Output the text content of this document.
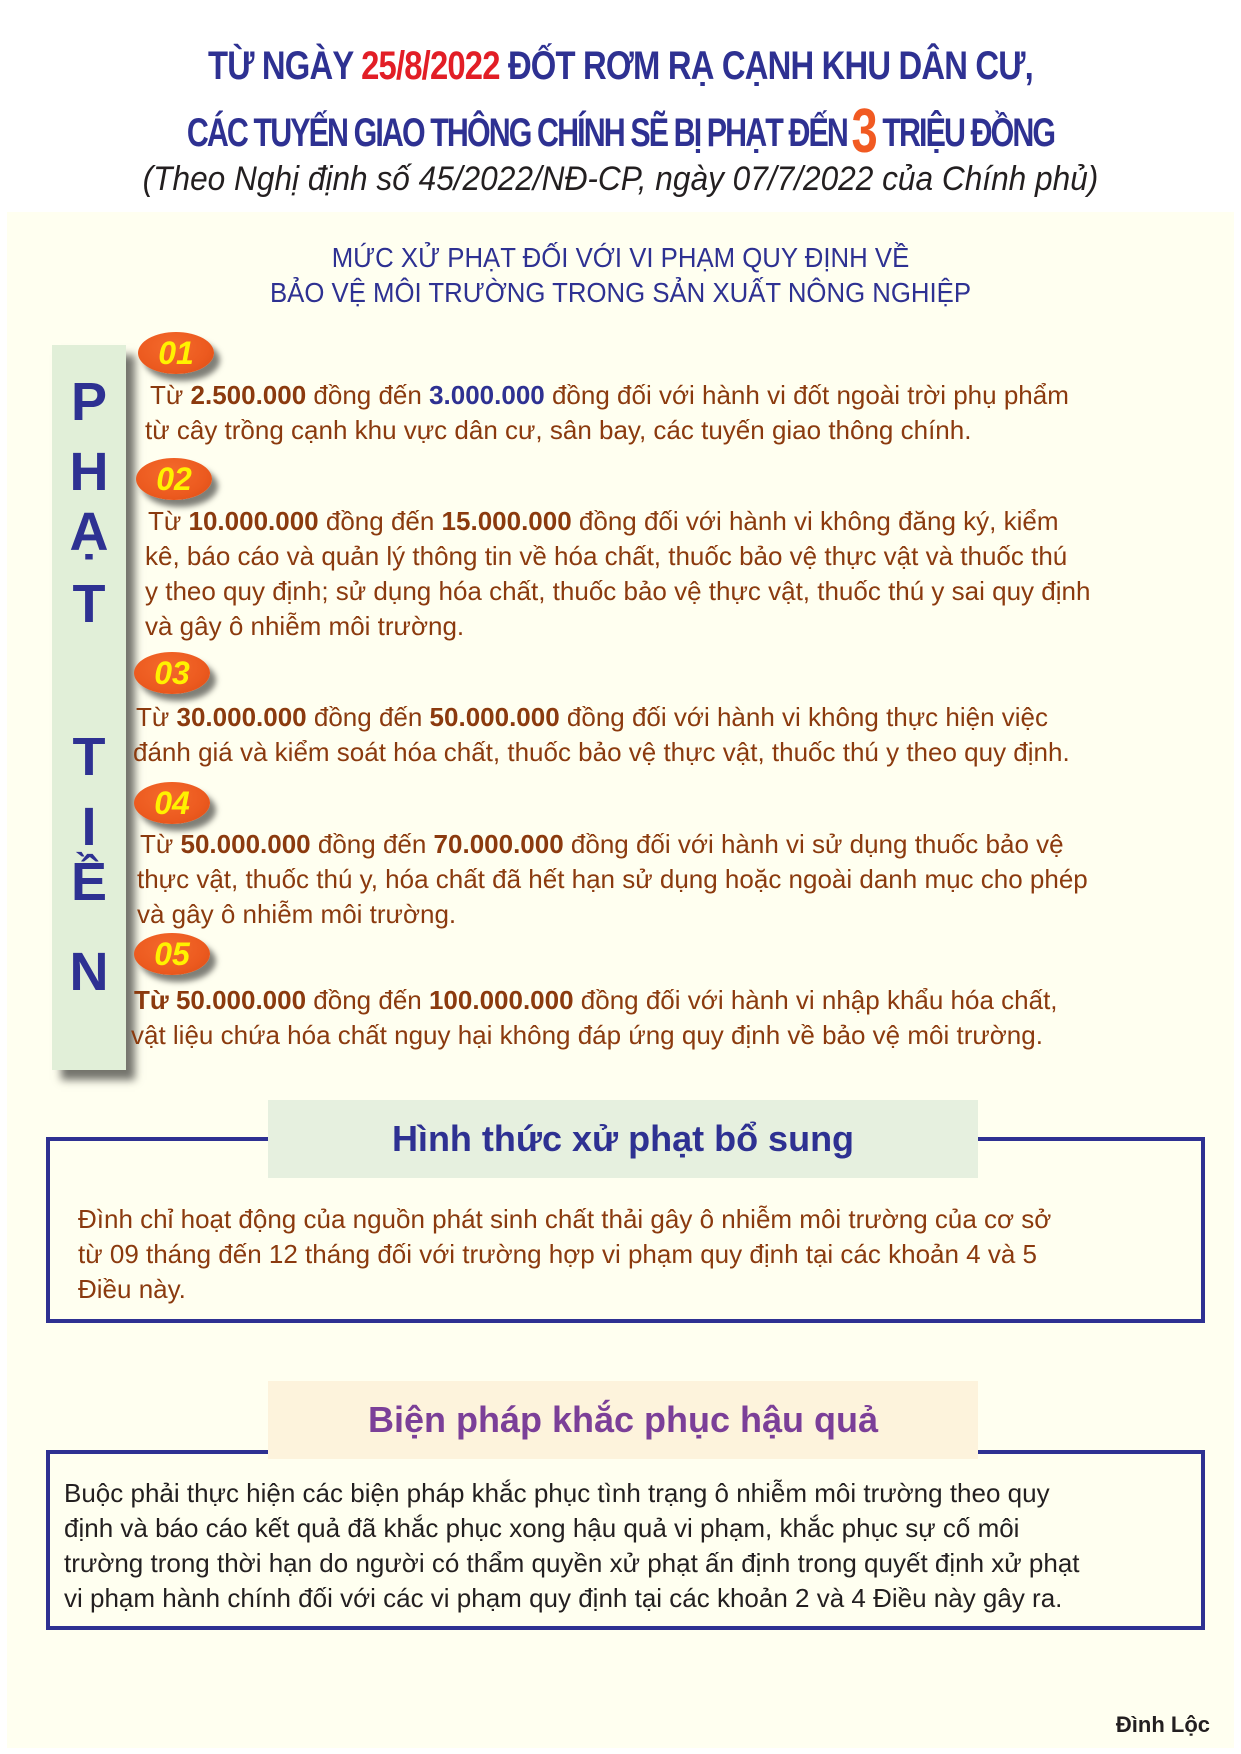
TỪ NGÀY 25/8/2022 ĐỐT RƠM RẠ CẠNH KHU DÂN CƯ,
CÁC TUYẾN GIAO THÔNG CHÍNH SẼ BỊ PHẠT ĐẾN3 TRIỆU ĐỒNG
(Theo Nghị định số 45/2022/NĐ-CP, ngày 07/7/2022 của Chính phủ)
MỨC XỬ PHẠT ĐỐI VỚI VI PHẠM QUY ĐỊNH VỀ
BẢO VỆ MÔI TRƯỜNG TRONG SẢN XUẤT NÔNG NGHIỆP
P
H
Ạ
T
T
I
Ề
N
01
Từ 2.500.000 đồng đến 3.000.000 đồng đối với hành vi đốt ngoài trời phụ phẩm
từ cây trồng cạnh khu vực dân cư, sân bay, các tuyến giao thông chính.
02
Từ 10.000.000 đồng đến 15.000.000 đồng đối với hành vi không đăng ký, kiểm
kê, báo cáo và quản lý thông tin về hóa chất, thuốc bảo vệ thực vật và thuốc thú
y theo quy định; sử dụng hóa chất, thuốc bảo vệ thực vật, thuốc thú y sai quy định
và gây ô nhiễm môi trường.
03
Từ 30.000.000 đồng đến 50.000.000 đồng đối với hành vi không thực hiện việc
đánh giá và kiểm soát hóa chất, thuốc bảo vệ thực vật, thuốc thú y theo quy định.
04
Từ 50.000.000 đồng đến 70.000.000 đồng đối với hành vi sử dụng thuốc bảo vệ
thực vật, thuốc thú y, hóa chất đã hết hạn sử dụng hoặc ngoài danh mục cho phép
và gây ô nhiễm môi trường.
05
Từ 50.000.000 đồng đến 100.000.000 đồng đối với hành vi nhập khẩu hóa chất,
vật liệu chứa hóa chất nguy hại không đáp ứng quy định về bảo vệ môi trường.
Hình thức xử phạt bổ sung
Đình chỉ hoạt động của nguồn phát sinh chất thải gây ô nhiễm môi trường của cơ sở
từ 09 tháng đến 12 tháng đối với trường hợp vi phạm quy định tại các khoản 4 và 5
Điều này.
Biện pháp khắc phục hậu quả
Buộc phải thực hiện các biện pháp khắc phục tình trạng ô nhiễm môi trường theo quy
định và báo cáo kết quả đã khắc phục xong hậu quả vi phạm, khắc phục sự cố môi
trường trong thời hạn do người có thẩm quyền xử phạt ấn định trong quyết định xử phạt
vi phạm hành chính đối với các vi phạm quy định tại các khoản 2 và 4 Điều này gây ra.
Đình Lộc
